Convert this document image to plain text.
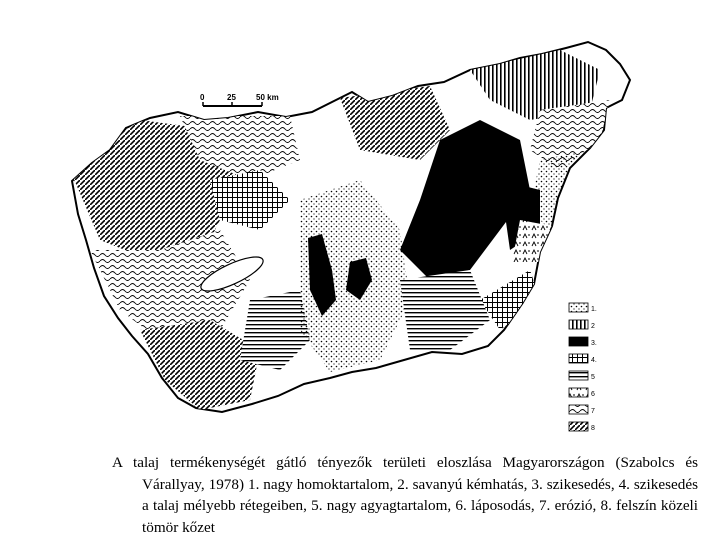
0	25	50 km
1.
2
3.
4.
5
6
7
8
A talaj termékenységét gátló tényezők területi eloszlása Magyarországon (Szabolcs és Várallyay, 1978) 1. nagy homoktartalom, 2. savanyú kémhatás, 3. szikesedés, 4. szikesedés a talaj mélyebb rétegeiben, 5. nagy agyagtartalom, 6. láposodás, 7. erózió, 8. felszín közeli tömör kőzet
